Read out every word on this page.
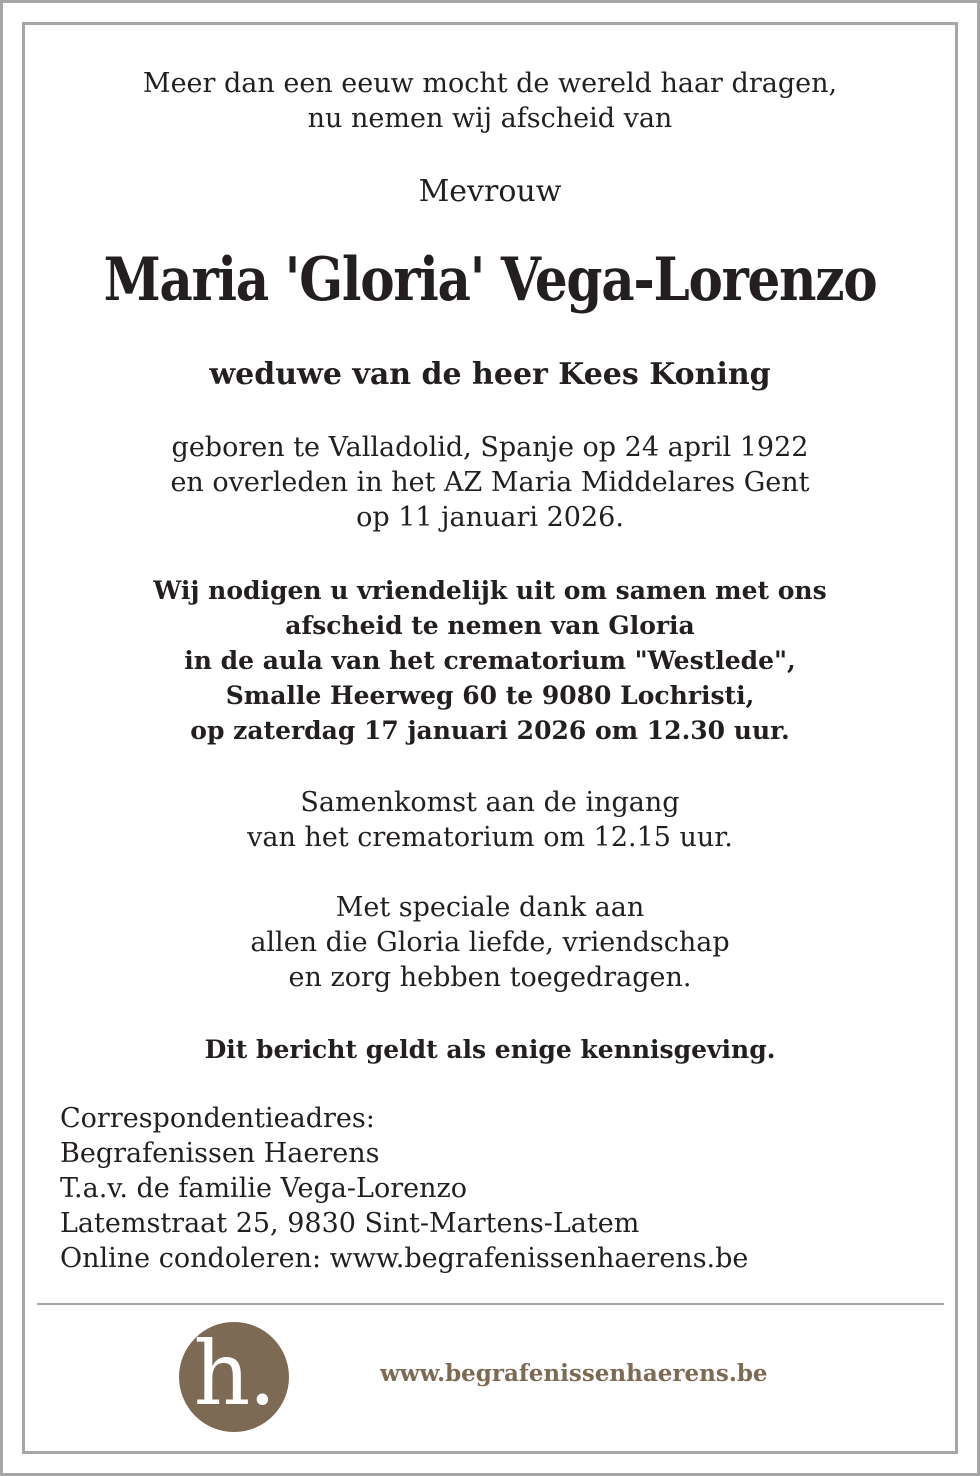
Meer dan een eeuw mocht de wereld haar dragen,
nu nemen wij afscheid van
Mevrouw
Maria 'Gloria' Vega-Lorenzo
weduwe van de heer Kees Koning
geboren te Valladolid, Spanje op 24 april 1922
en overleden in het AZ Maria Middelares Gent
op 11 januari 2026.
Wij nodigen u vriendelijk uit om samen met ons
afscheid te nemen van Gloria
in de aula van het crematorium "Westlede",
Smalle Heerweg 60 te 9080 Lochristi,
op zaterdag 17 januari 2026 om 12.30 uur.
Samenkomst aan de ingang
van het crematorium om 12.15 uur.
Met speciale dank aan
allen die Gloria liefde, vriendschap
en zorg hebben toegedragen.
Dit bericht geldt als enige kennisgeving.
Correspondentieadres:
Begrafenissen Haerens
T.a.v. de familie Vega-Lorenzo
Latemstraat 25, 9830 Sint-Martens-Latem
Online condoleren: www.begrafenissenhaerens.be
h.	www.begrafenissenhaerens.be
